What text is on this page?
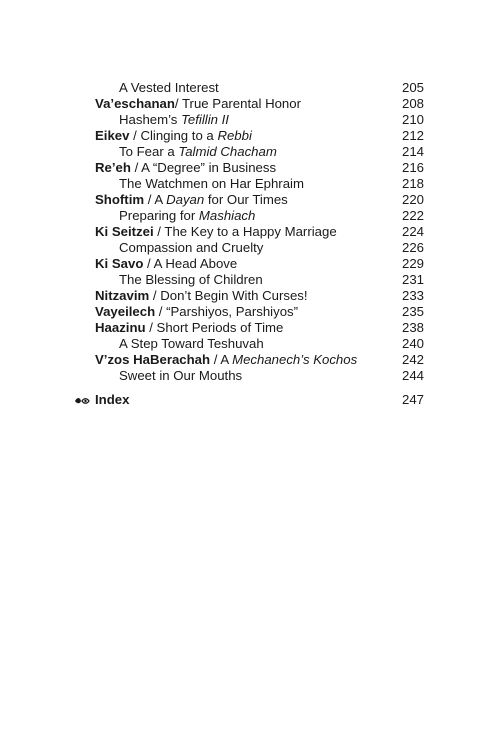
A Vested Interest	205
Va’eschanan/ True Parental Honor	208
Hashem’s Tefillin II	210
Eikev / Clinging to a Rebbi	212
To Fear a Talmid Chacham	214
Re’eh / A “Degree” in Business	216
The Watchmen on Har Ephraim	218
Shoftim / A Dayan for Our Times	220
Preparing for Mashiach	222
Ki Seitzei / The Key to a Happy Marriage	224
Compassion and Cruelty	226
Ki Savo / A Head Above	229
The Blessing of Children	231
Nitzavim / Don’t Begin With Curses!	233
Vayeilech / “Parshiyos, Parshiyos”	235
Haazinu / Short Periods of Time	238
A Step Toward Teshuvah	240
V’zos HaBerachah / A Mechanech’s Kochos	242
Sweet in Our Mouths	244
Index	247
